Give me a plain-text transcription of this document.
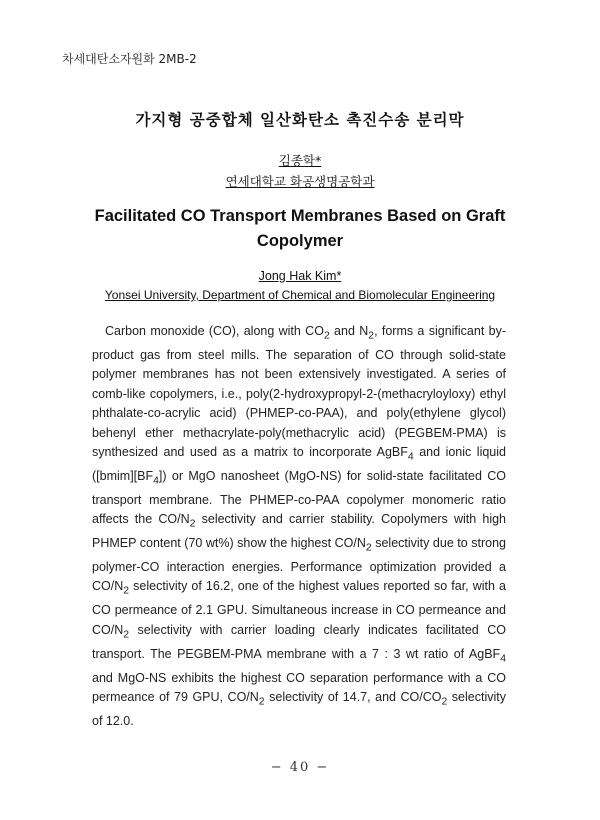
차세대탄소자원화 2MB-2
가지형 공중합체 일산화탄소 촉진수송 분리막
김종학*
연세대학교 화공생명공학과
Facilitated CO Transport Membranes Based on Graft Copolymer
Jong Hak Kim*
Yonsei University, Department of Chemical and Biomolecular Engineering

Carbon monoxide (CO), along with $CO_2$ and $N_2$, forms a significant by-product gas from steel mills. The separation of CO through solid-state polymer membranes has not been extensively investigated. A series of comb-like copolymers, i.e., poly(2-hydroxypropyl-2-(methacryloyloxy) ethyl phthalate-co-acrylic acid) (PHMEP-co-PAA), and poly(ethylene glycol) behenyl ether methacrylate-poly(methacrylic acid) (PEGBEM-PMA) is synthesized and used as a matrix to incorporate AgBF$_4$ and ionic liquid $([bmim][BF_4])$ or MgO nanosheet (MgO-NS) for solid-state facilitated CO transport membrane. The PHMEP-co-PAA copolymer monomeric ratio affects the $CO/N_2$ selectivity and carrier stability. Copolymers with high PHMEP content (70 wt%) show the highest $CO/N_2$ selectivity due to strong polymer-CO interaction energies. Performance optimization provided a $CO/N_2$ selectivity of 16.2, one of the highest values reported so far, with a CO permeance of 2.1 GPU. Simultaneous increase in CO permeance and $CO/N_2$ selectivity with carrier loading clearly indicates facilitated CO transport. The PEGBEM-PMA membrane with a 7 : 3 wt ratio of AgBF$_4$ and MgO-NS exhibits the highest CO separation performance with a CO permeance of 79 GPU, $CO/N_2$ selectivity of 14.7, and $CO/CO_2$ selectivity of 12.0.

− 40 −
